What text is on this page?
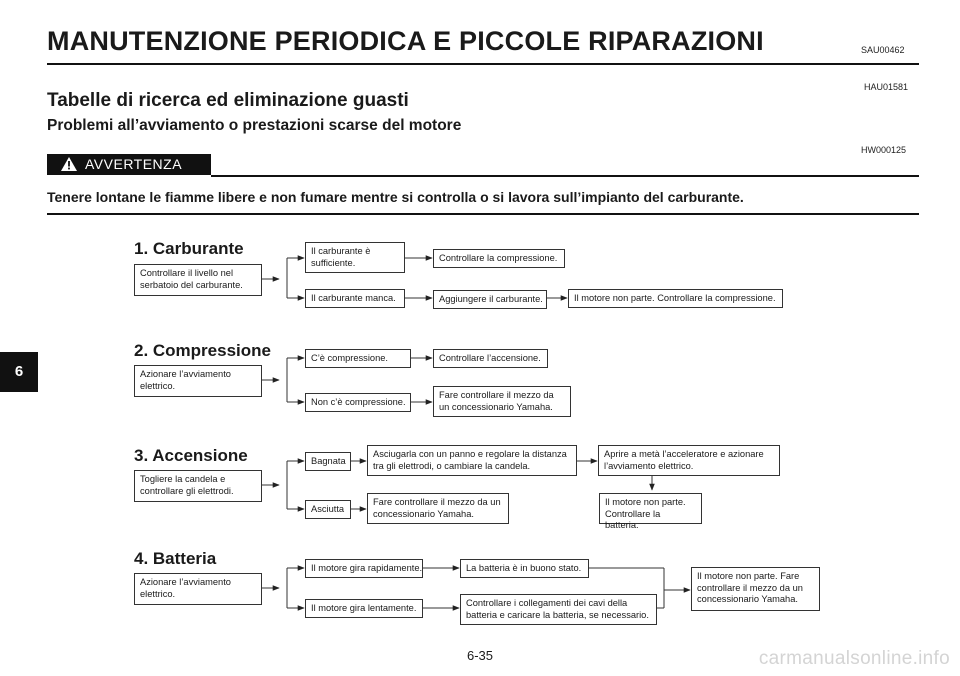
MANUTENZIONE PERIODICA E PICCOLE RIPARAZIONI	SAU00462
HAU01581
Tabelle di ricerca ed eliminazione guasti
Problemi all’avviamento o prestazioni scarse del motore
HW000125
AVVERTENZA
Tenere lontane le fiamme libere e non fumare mentre si controlla o si lavora sull’impianto del carburante.
1. Carburante
Controllare il livello nel serbatoio del carburante.
Il carburante è sufficiente.	Controllare la compressione.
Il carburante manca.	Aggiungere il carburante.	Il motore non parte. Controllare la compressione.
2. Compressione
Azionare l’avviamento elettrico.
C’è compressione.	Controllare l’accensione.
Non c’è compressione.
Fare controllare il mezzo da un concessionario Yamaha.
3. Accensione
Togliere la candela e controllare gli elettrodi.
Bagnata
Asciugarla con un panno e regolare la distanza tra gli elettrodi, o cambiare la candela.
Aprire a metà l’acceleratore e azionare l’avviamento elettrico.
Il motore non parte. Controllare la batteria.
Asciutta
Fare controllare il mezzo da un concessionario Yamaha.
4. Batteria
Azionare l’avviamento elettrico.
Il motore gira rapidamente.	La batteria è in buono stato.
Il motore gira lentamente.	Controllare i collegamenti dei cavi della batteria e caricare la batteria, se necessario.
Il motore non parte. Fare controllare il mezzo da un concessionario Yamaha.
6
6-35	carmanualsonline.info
